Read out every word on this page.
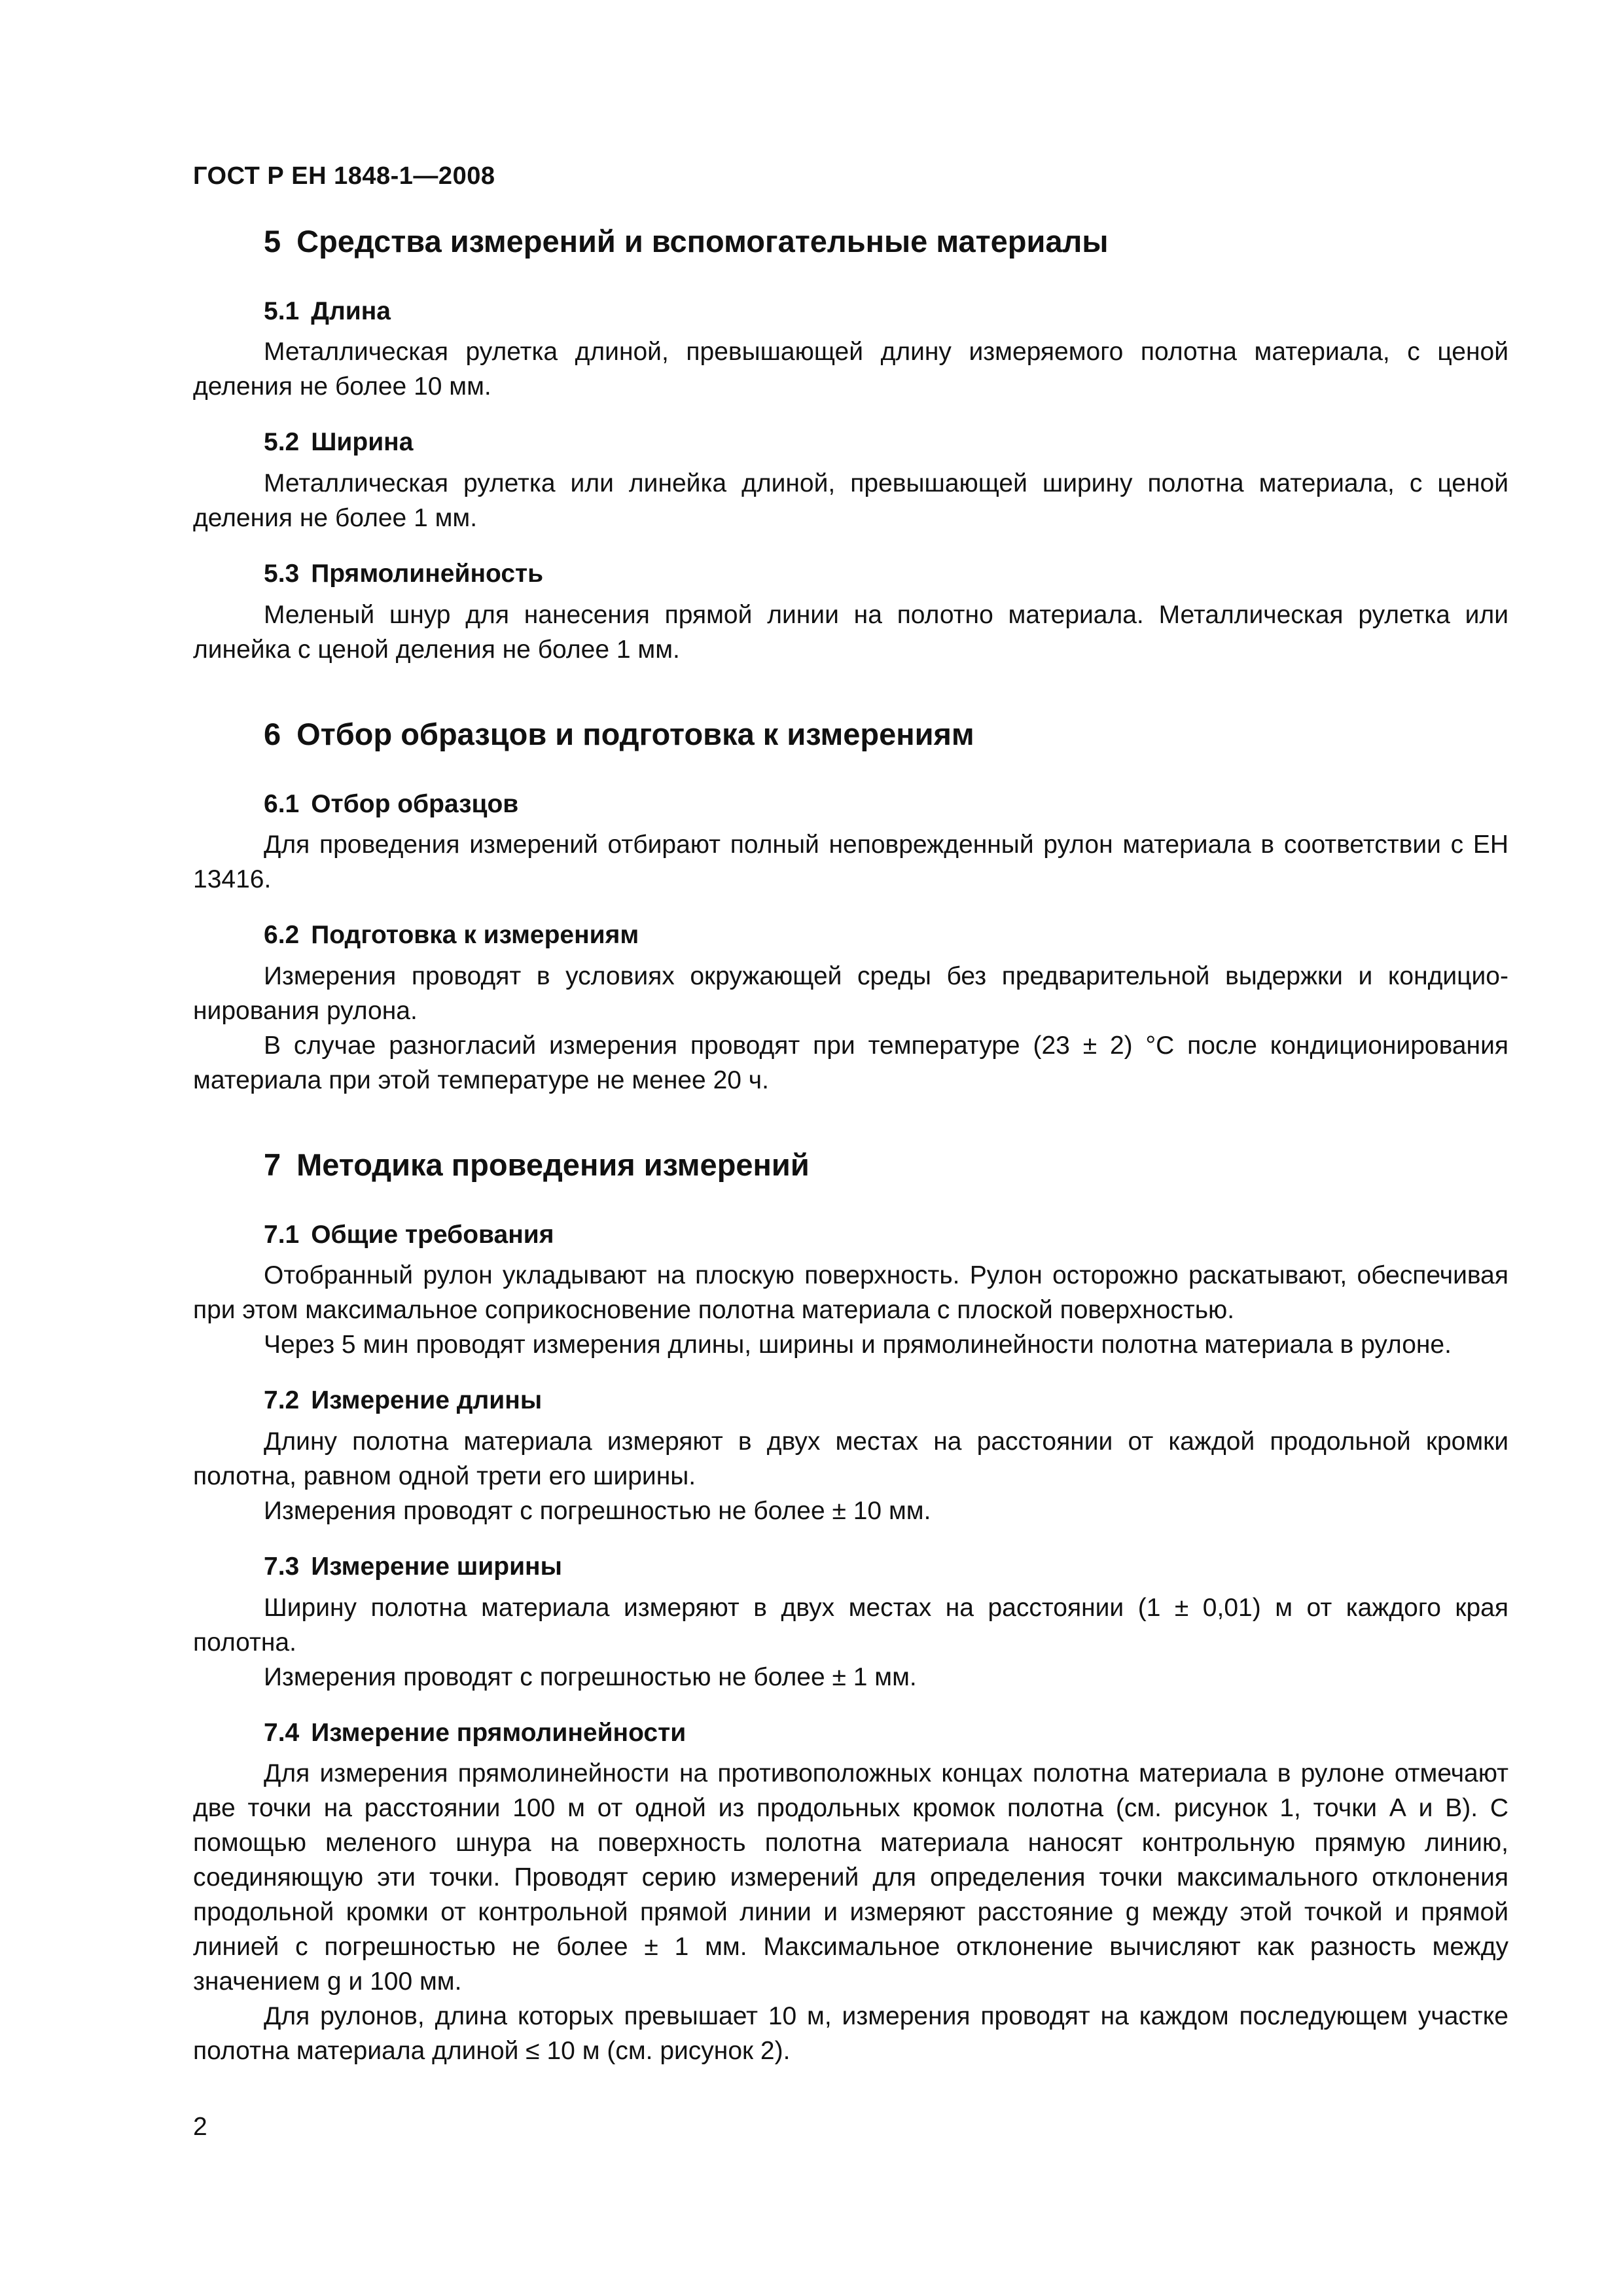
ГОСТ Р ЕН 1848-1—2008
5 Средства измерений и вспомогательные материалы
5.1 Длина

Металлическая рулетка длиной, превышающей длину измеряемого полотна материала, с ценой деления не более 10 мм.

5.2 Ширина

Металлическая рулетка или линейка длиной, превышающей ширину полотна материала, с ценой деления не более 1 мм.

5.3 Прямолинейность

Меленый шнур для нанесения прямой линии на полотно материала. Металлическая рулетка или линейка с ценой деления не более 1 мм.

6 Отбор образцов и подготовка к измерениям
6.1 Отбор образцов

Для проведения измерений отбирают полный неповрежденный рулон материала в соответствии с ЕН 13416.

6.2 Подготовка к измерениям

Измерения проводят в условиях окружающей среды без предварительной выдержки и кондиционирования рулона.

В случае разногласий измерения проводят при температуре (23 ± 2) °С после кондиционирования материала при этой температуре не менее 20 ч.

7 Методика проведения измерений
7.1 Общие требования

Отобранный рулон укладывают на плоскую поверхность. Рулон осторожно раскатывают, обеспечивая при этом максимальное соприкосновение полотна материала с плоской поверхностью.

Через 5 мин проводят измерения длины, ширины и прямолинейности полотна материала в рулоне.

7.2 Измерение длины

Длину полотна материала измеряют в двух местах на расстоянии от каждой продольной кромки полотна, равном одной трети его ширины.

Измерения проводят с погрешностью не более ± 10 мм.

7.3 Измерение ширины

Ширину полотна материала измеряют в двух местах на расстоянии (1 ± 0,01) м от каждого края полотна.

Измерения проводят с погрешностью не более ± 1 мм.

7.4 Измерение прямолинейности

Для измерения прямолинейности на противоположных концах полотна материала в рулоне отмечают две точки на расстоянии 100 м от одной из продольных кромок полотна (см. рисунок 1, точки А и В). С помощью меленого шнура на поверхность полотна материала наносят контрольную прямую линию, соединяющую эти точки. Проводят серию измерений для определения точки максимального отклонения продольной кромки от контрольной прямой линии и измеряют расстояние g между этой точкой и прямой линией с погрешностью не более ± 1 мм. Максимальное отклонение вычисляют как разность между значением g и 100 мм.

Для рулонов, длина которых превышает 10 м, измерения проводят на каждом последующем участке полотна материала длиной ≤ 10 м (см. рисунок 2).

2
